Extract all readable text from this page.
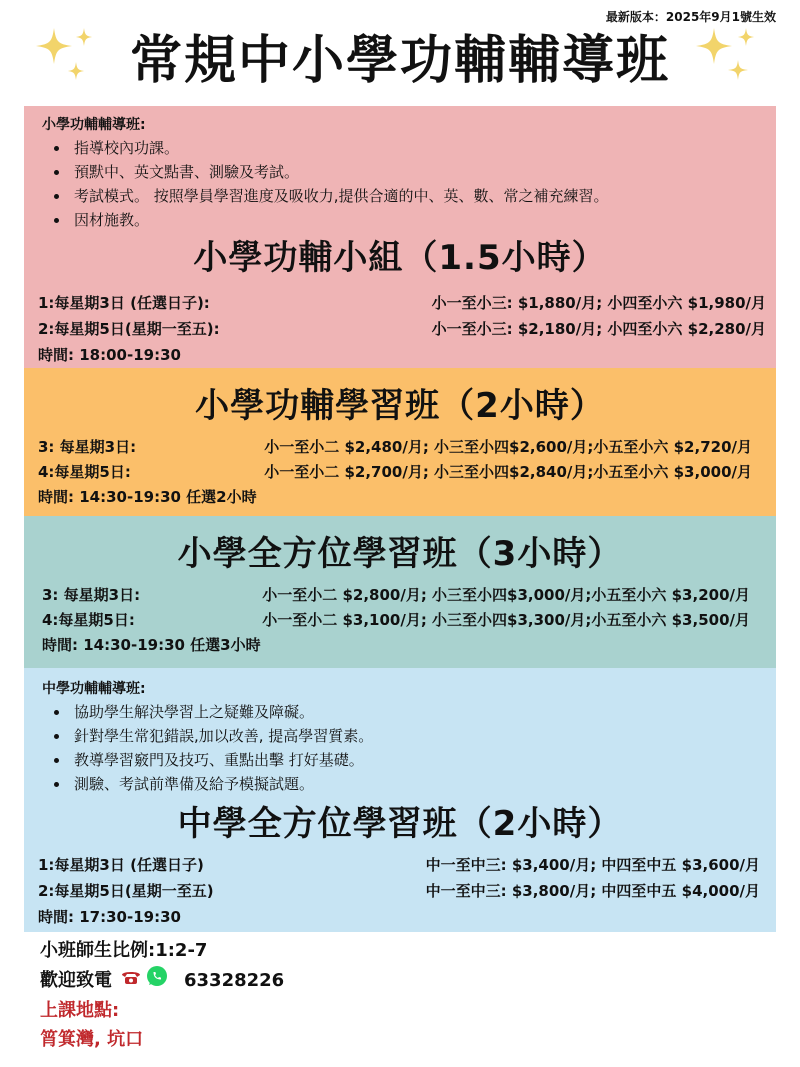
最新版本：2025年9月1號生效
常規中小學功輔輔導班
小學功輔輔導班:
• 指導校內功課。
• 預默中、英文點書、測驗及考試。
• 考試模式。 按照學員學習進度及吸收力,提供合適的中、英、數、常之補充練習。
• 因材施教。
小學功輔小組（1.5小時）
1:每星期3日 (任選日子):	小一至小三: $1,880/月; 小四至小六 $1,980/月
2:每星期5日(星期一至五):	小一至小三: $2,180/月; 小四至小六 $2,280/月
時間: 18:00-19:30
小學功輔學習班（2小時）
3: 每星期3日:	小一至小二 $2,480/月; 小三至小四$2,600/月;小五至小六 $2,720/月
4:每星期5日:	小一至小二 $2,700/月; 小三至小四$2,840/月;小五至小六 $3,000/月
時間: 14:30-19:30 任選2小時
小學全方位學習班（3小時）
3: 每星期3日:	小一至小二 $2,800/月; 小三至小四$3,000/月;小五至小六 $3,200/月
4:每星期5日:	小一至小二 $3,100/月; 小三至小四$3,300/月;小五至小六 $3,500/月
時間: 14:30-19:30 任選3小時
中學功輔輔導班:
• 協助學生解決學習上之疑難及障礙。
• 針對學生常犯錯誤,加以改善, 提高學習質素。
• 教導學習竅門及技巧、重點出擊 打好基礎。
• 測驗、考試前準備及給予模擬試題。
中學全方位學習班（2小時）
1:每星期3日 (任選日子)	中一至中三: $3,400/月; 中四至中五 $3,600/月
2:每星期5日(星期一至五)	中一至中三: $3,800/月; 中四至中五 $4,000/月
時間: 17:30-19:30
小班師生比例:1:2-7
歡迎致電	63328226
上課地點:
筲箕灣, 坑口
